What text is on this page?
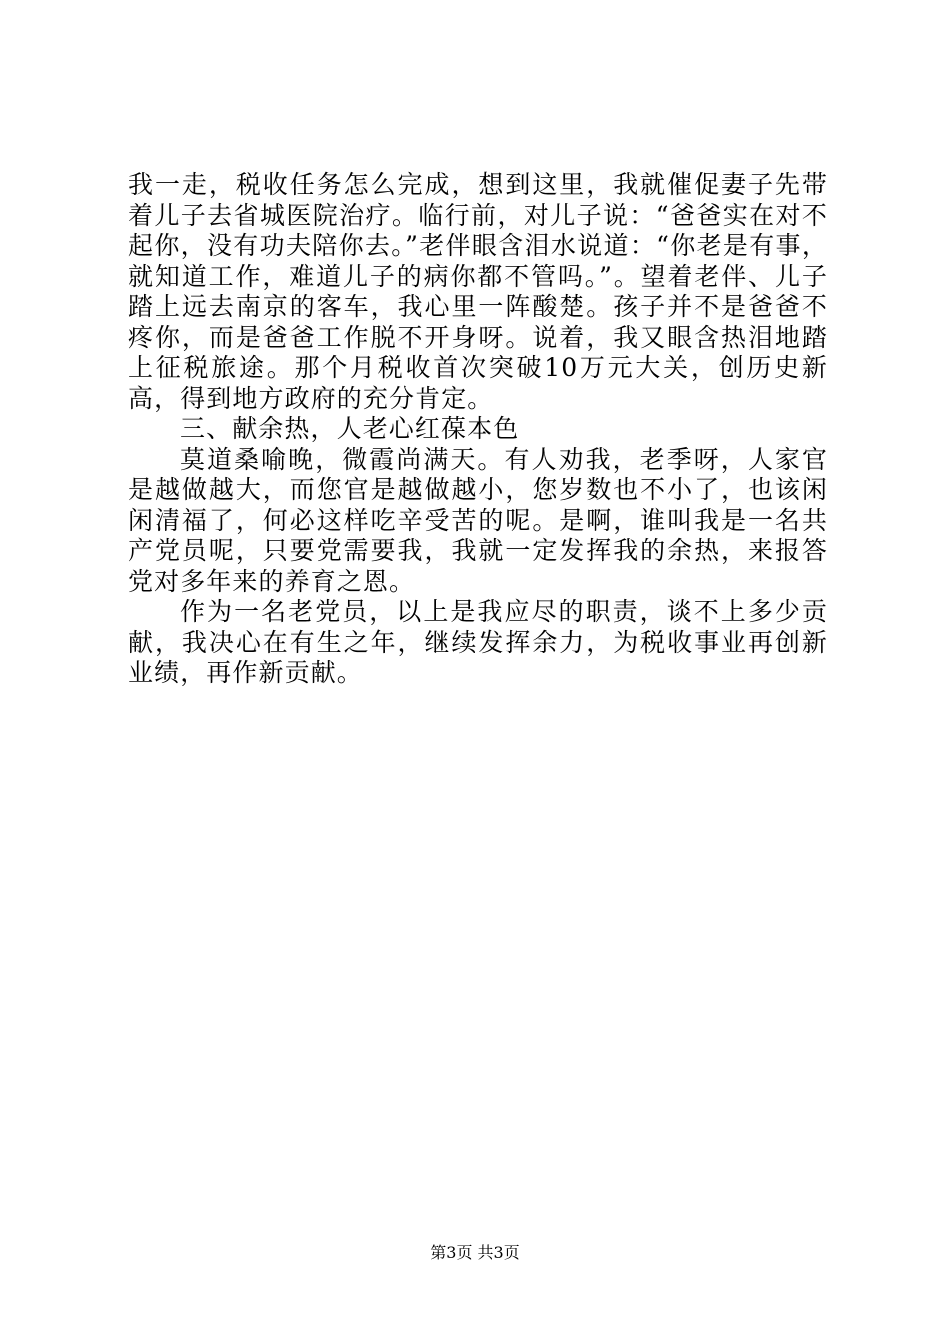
我一走，税收任务怎么完成，想到这里，我就催促妻子先带着儿子去省城医院治疗。临行前，对儿子说：“爸爸实在对不起你，没有功夫陪你去。”老伴眼含泪水说道：“你老是有事，就知道工作，难道儿子的病你都不管吗。”。望着老伴、儿子踏上远去南京的客车，我心里一阵酸楚。孩子并不是爸爸不疼你，而是爸爸工作脱不开身呀。说着，我又眼含热泪地踏上征税旅途。那个月税收首次突破10万元大关，创历史新高，得到地方政府的充分肯定。

三、献余热，人老心红葆本色

莫道桑喻晚，微霞尚满天。有人劝我，老季呀，人家官是越做越大，而您官是越做越小，您岁数也不小了，也该闲闲清福了，何必这样吃辛受苦的呢。是啊，谁叫我是一名共产党员呢，只要党需要我，我就一定发挥我的余热，来报答党对多年来的养育之恩。

作为一名老党员，以上是我应尽的职责，谈不上多少贡献，我决心在有生之年，继续发挥余力，为税收事业再创新业绩，再作新贡献。

第3页 共3页
